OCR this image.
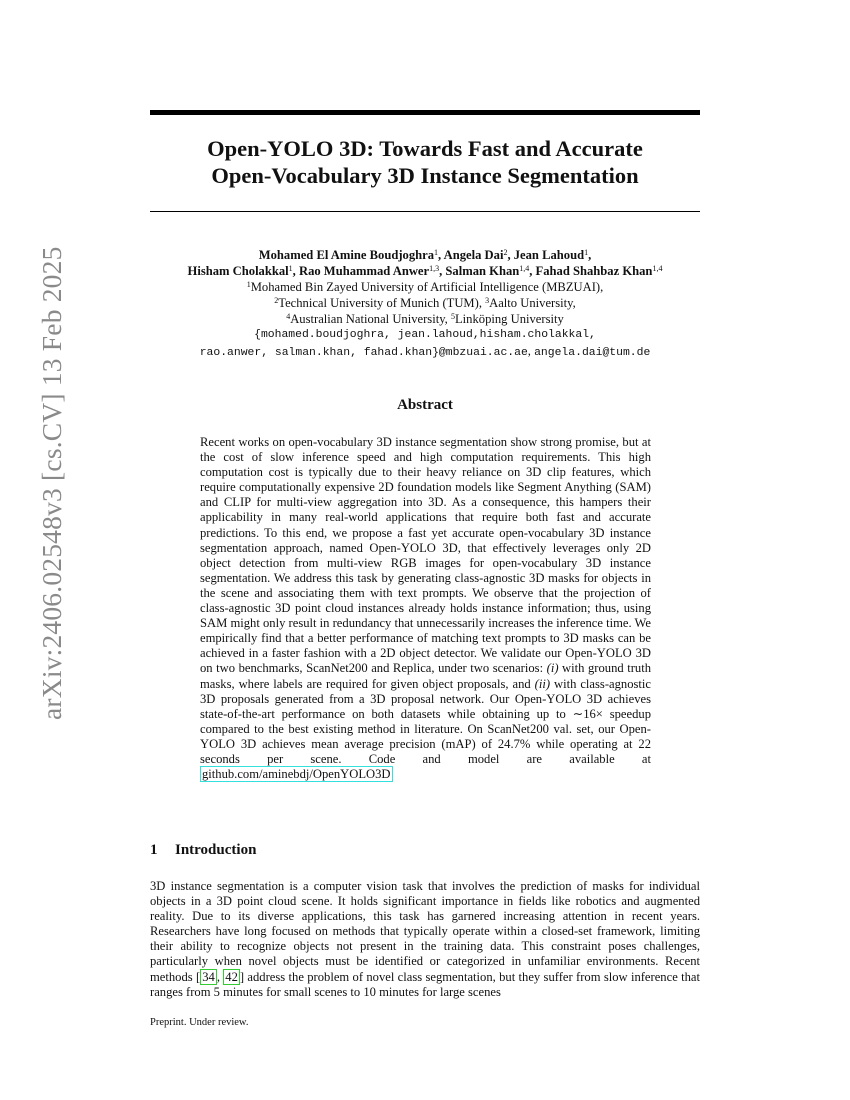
arXiv:2406.02548v3 [cs.CV] 13 Feb 2025
Open-YOLO 3D: Towards Fast and Accurate
Open-Vocabulary 3D Instance Segmentation
Mohamed El Amine Boudjoghra$^1$, Angela Dai$^2$, Jean Lahoud$^1$,
Hisham Cholakkal$^1$, Rao Muhammad Anwer$^{1,3}$, Salman Khan$^{1,4}$, Fahad Shahbaz Khan$^{1,4}$
$^1$Mohamed Bin Zayed University of Artificial Intelligence (MBZUAI),
$^2$Technical University of Munich (TUM), $^3$Aalto University,
$^4$Australian National University, $^5$Linköping University
{mohamed.boudjoghra, jean.lahoud,hisham.cholakkal,
rao.anwer, salman.khan, fahad.khan}@mbzuai.ac.ae, angela.dai@tum.de
Abstract
Recent works on open-vocabulary 3D instance segmentation show strong promise, but at the cost of slow inference speed and high computation requirements. This high computation cost is typically due to their heavy reliance on 3D clip features, which require computationally expensive 2D foundation models like Segment Anything (SAM) and CLIP for multi-view aggregation into 3D. As a consequence, this hampers their applicability in many real-world applications that require both fast and accurate predictions. To this end, we propose a fast yet accurate open-vocabulary 3D instance segmentation approach, named Open-YOLO 3D, that effectively leverages only 2D object detection from multi-view RGB images for open-vocabulary 3D instance segmentation. We address this task by generating class-agnostic 3D masks for objects in the scene and associating them with text prompts. We observe that the projection of class-agnostic 3D point cloud instances already holds instance information; thus, using SAM might only result in redundancy that unnecessarily increases the inference time. We empirically find that a better performance of matching text prompts to 3D masks can be achieved in a faster fashion with a 2D object detector. We validate our Open-YOLO 3D on two benchmarks, ScanNet200 and Replica, under two scenarios: (i) with ground truth masks, where labels are required for given object proposals, and (ii) with class-agnostic 3D proposals generated from a 3D proposal network. Our Open-YOLO 3D achieves state-of-the-art performance on both datasets while obtaining up to ∼16× speedup compared to the best existing method in literature. On ScanNet200 val. set, our Open-YOLO 3D achieves mean average precision (mAP) of 24.7% while operating at 22 seconds per scene. Code and model are available at github.com/aminebdj/OpenYOLO3D
1 Introduction
3D instance segmentation is a computer vision task that involves the prediction of masks for individual objects in a 3D point cloud scene. It holds significant importance in fields like robotics and augmented reality. Due to its diverse applications, this task has garnered increasing attention in recent years. Researchers have long focused on methods that typically operate within a closed-set framework, limiting their ability to recognize objects not present in the training data. This constraint poses challenges, particularly when novel objects must be identified or categorized in unfamiliar environments. Recent methods [ 34 , 42 ] address the problem of novel class segmentation, but they suffer from slow inference that ranges from 5 minutes for small scenes to 10 minutes for large scenes
Preprint. Under review.
